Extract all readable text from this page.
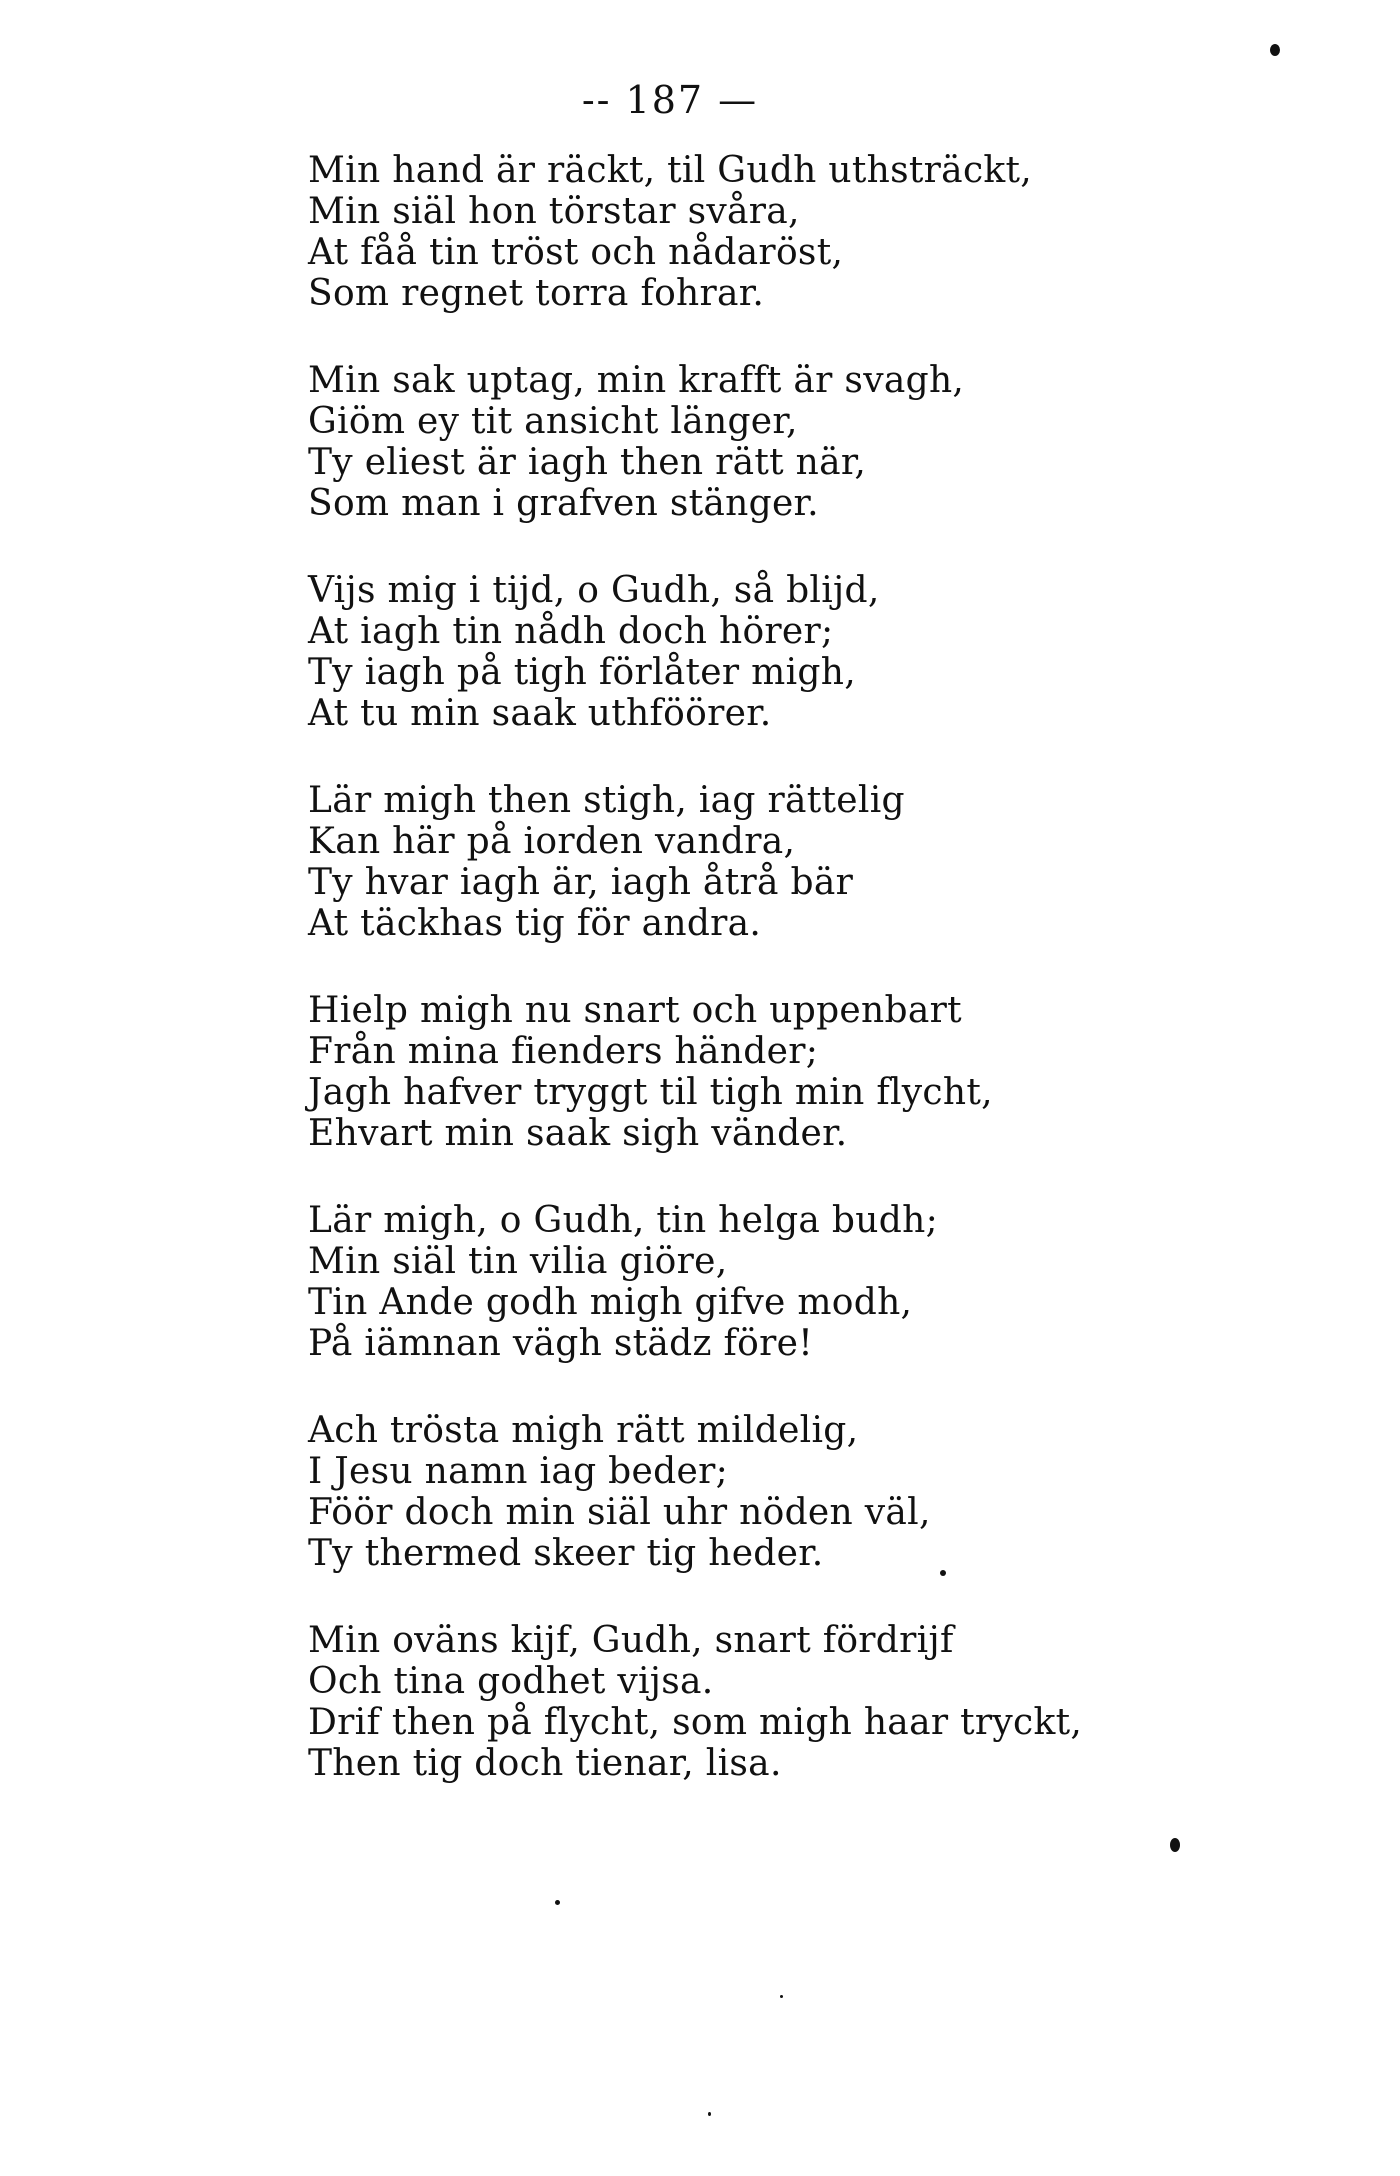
-- 187 —
Min hand är räckt, til Gudh uthsträckt,
Min siäl hon törstar svåra,
At fåå tin tröst och nådaröst,
Som regnet torra fohrar.
Min sak uptag, min krafft är svagh,
Giöm ey tit ansicht länger,
Ty eliest är iagh then rätt när,
Som man i grafven stänger.
Vijs mig i tijd, o Gudh, så blijd,
At iagh tin nådh doch hörer;
Ty iagh på tigh förlåter migh,
At tu min saak uthföörer.
Lär migh then stigh, iag rättelig
Kan här på iorden vandra,
Ty hvar iagh är, iagh åtrå bär
At täckhas tig för andra.
Hielp migh nu snart och uppenbart
Från mina fienders händer;
Jagh hafver tryggt til tigh min flycht,
Ehvart min saak sigh vänder.
Lär migh, o Gudh, tin helga budh;
Min siäl tin vilia giöre,
Tin Ande godh migh gifve modh,
På iämnan vägh städz före!
Ach trösta migh rätt mildelig,
I Jesu namn iag beder;
Föör doch min siäl uhr nöden väl,
Ty thermed skeer tig heder.
Min oväns kijf, Gudh, snart fördrijf
Och tina godhet vijsa.
Drif then på flycht, som migh haar tryckt,
Then tig doch tienar, lisa.
